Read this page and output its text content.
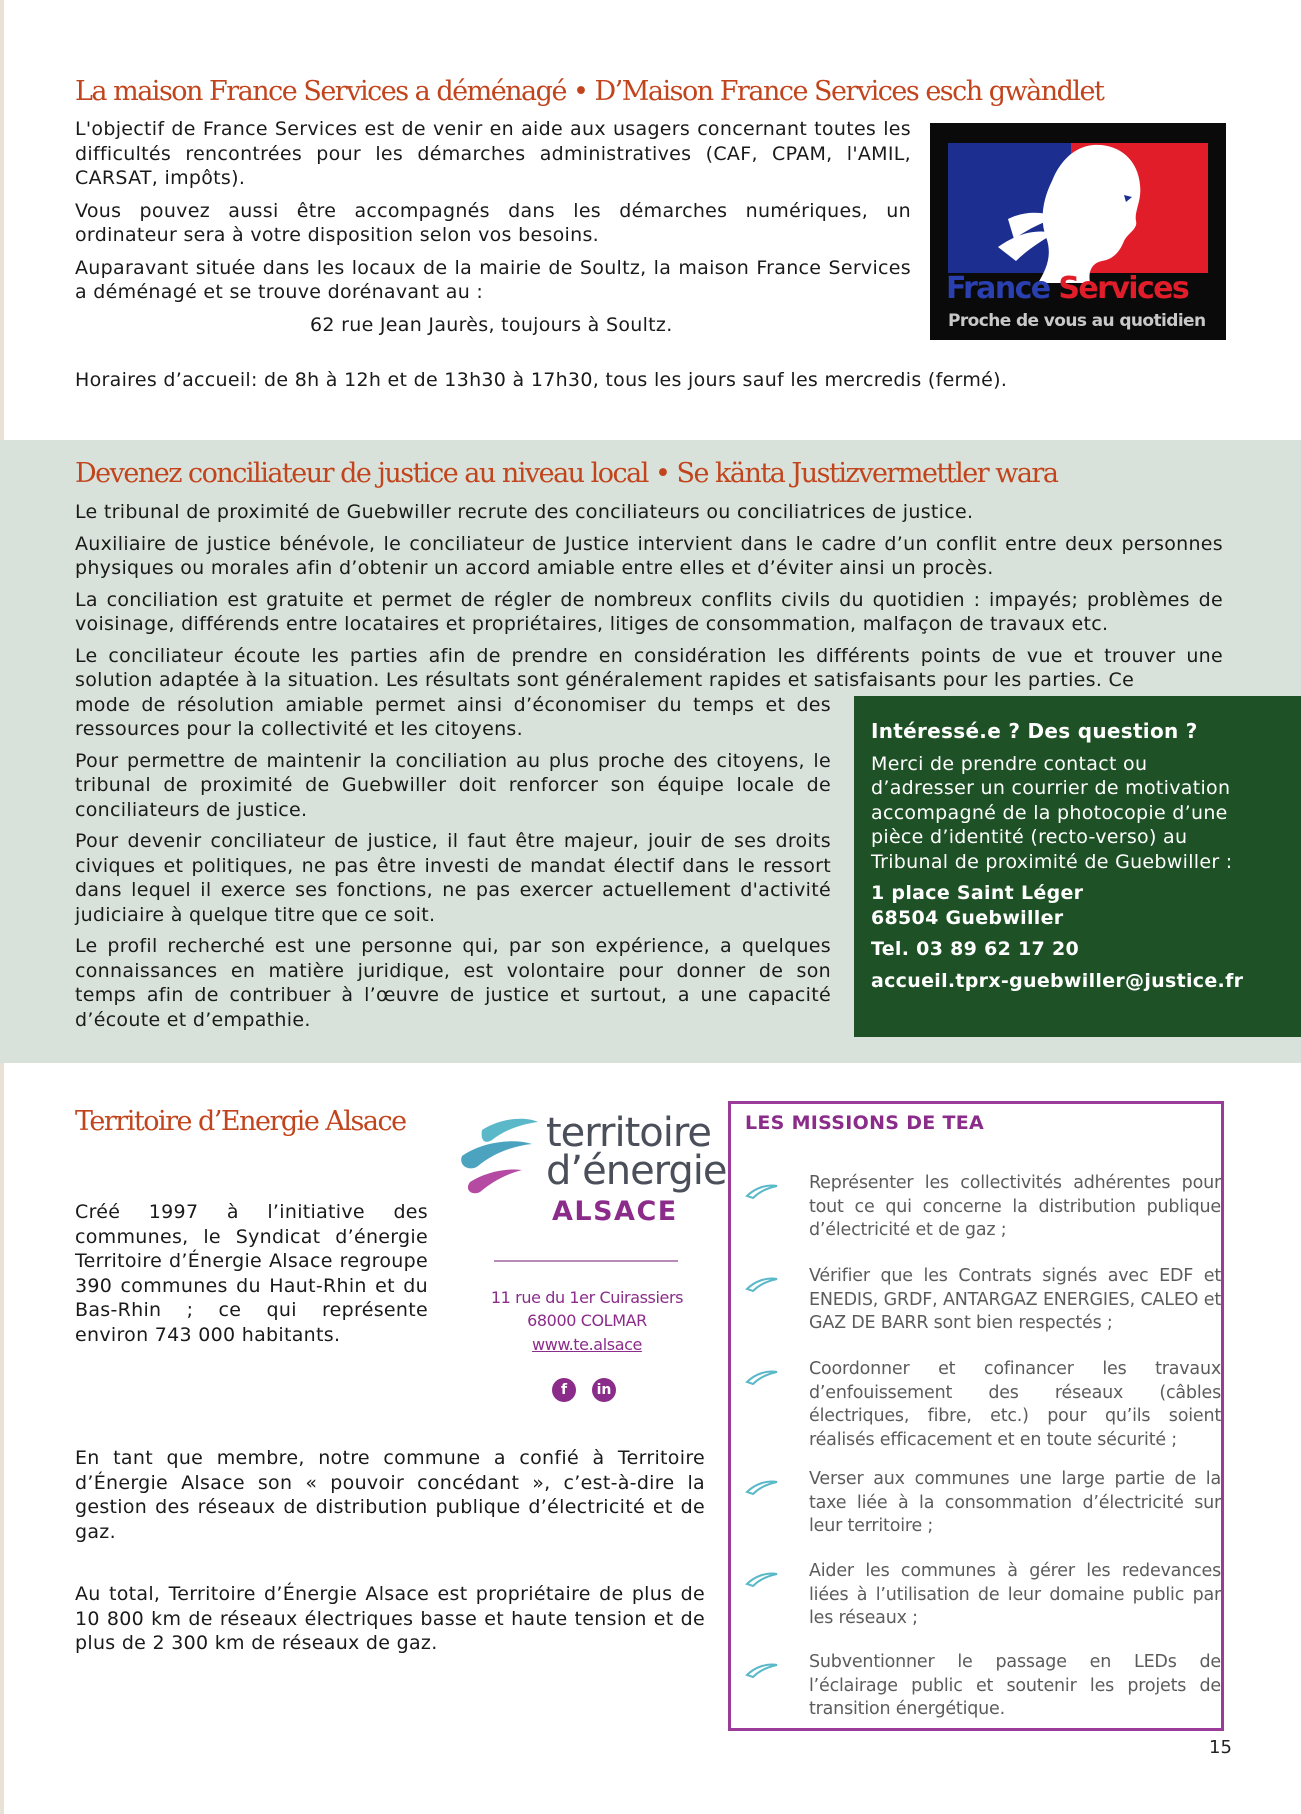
La maison France Services a déménagé • D’Maison France Services esch gwàndlet

L'objectif de France Services est de venir en aide aux usagers concernant toutes les difficultés rencontrées pour les démarches administratives (CAF, CPAM, l'AMIL, CARSAT, impôts).

Vous pouvez aussi être accompagnés dans les démarches numériques, un ordinateur sera à votre disposition selon vos besoins.

Auparavant située dans les locaux de la mairie de Soultz, la maison France Services a déménagé et se trouve dorénavant au :

62 rue Jean Jaurès, toujours à Soultz.

Horaires d’accueil: de 8h à 12h et de 13h30 à 17h30, tous les jours sauf les mercredis (fermé).

France Services
Proche de vous au quotidien
Devenez conciliateur de justice au niveau local • Se känta Justizvermettler wara

Le tribunal de proximité de Guebwiller recrute des conciliateurs ou conciliatrices de justice.

Auxiliaire de justice bénévole, le conciliateur de Justice intervient dans le cadre d’un conflit entre deux personnes physiques ou morales afin d’obtenir un accord amiable entre elles et d’éviter ainsi un procès.

La conciliation est gratuite et permet de régler de nombreux conflits civils du quotidien : impayés; problèmes de voisinage, différends entre locataires et propriétaires, litiges de consommation, malfaçon de travaux etc.

Le conciliateur écoute les parties afin de prendre en considération les différents points de vue et trouver une solution adaptée à la situation. Les résultats sont généralement rapides et satisfaisants pour les parties. Ce

mode de résolution amiable permet ainsi d’économiser du temps et des ressources pour la collectivité et les citoyens.

Pour permettre de maintenir la conciliation au plus proche des citoyens, le tribunal de proximité de Guebwiller doit renforcer son équipe locale de conciliateurs de justice.

Pour devenir conciliateur de justice, il faut être majeur, jouir de ses droits civiques et politiques, ne pas être investi de mandat électif dans le ressort dans lequel il exerce ses fonctions, ne pas exercer actuellement d'activité judiciaire à quelque titre que ce soit.

Le profil recherché est une personne qui, par son expérience, a quelques connaissances en matière juridique, est volontaire pour donner de son temps afin de contribuer à l’œuvre de justice et surtout, a une capacité d’écoute et d’empathie.

Intéressé.e ? Des question ?

Merci de prendre contact ou d’adresser un courrier de motivation accompagné de la photocopie d’une pièce d’identité (recto-verso) au Tribunal de proximité de Guebwiller :

1 place Saint Léger

68504 Guebwiller

Tel. 03 89 62 17 20

accueil.tprx-guebwiller@justice.fr

Territoire d’Energie Alsace

Créé 1997 à l’initiative des communes, le Syndicat d’énergie Territoire d’Énergie Alsace regroupe 390 communes du Haut-Rhin et du Bas-Rhin ; ce qui représente environ 743 000 habitants.

En tant que membre, notre commune a confié à Territoire d’Énergie Alsace son « pouvoir concédant », c’est-à-dire la gestion des réseaux de distribution publique d’électricité et de gaz.

Au total, Territoire d’Énergie Alsace est propriétaire de plus de 10 800 km de réseaux électriques basse et haute tension et de plus de 2 300 km de réseaux de gaz.

territoire
d’énergie
ALSACE
11 rue du 1er Cuirassiers
68000 COLMAR
www.te.alsace
f	in
LES MISSIONS DE TEA
Représenter les collectivités adhérentes pour tout ce qui concerne la distribution publique d’électricité et de gaz ;
Vérifier que les Contrats signés avec EDF et ENEDIS, GRDF, ANTARGAZ ENERGIES, CALEO et GAZ DE BARR sont bien respectés ;
Coordonner et cofinancer les travaux d’enfouissement des réseaux (câbles électriques, fibre, etc.) pour qu’ils soient réalisés efficacement et en toute sécurité ;
Verser aux communes une large partie de la taxe liée à la consommation d’électricité sur leur territoire ;
Aider les communes à gérer les redevances liées à l’utilisation de leur domaine public par les réseaux ;
Subventionner le passage en LEDs de l’éclairage public et soutenir les projets de transition énergétique.
15
